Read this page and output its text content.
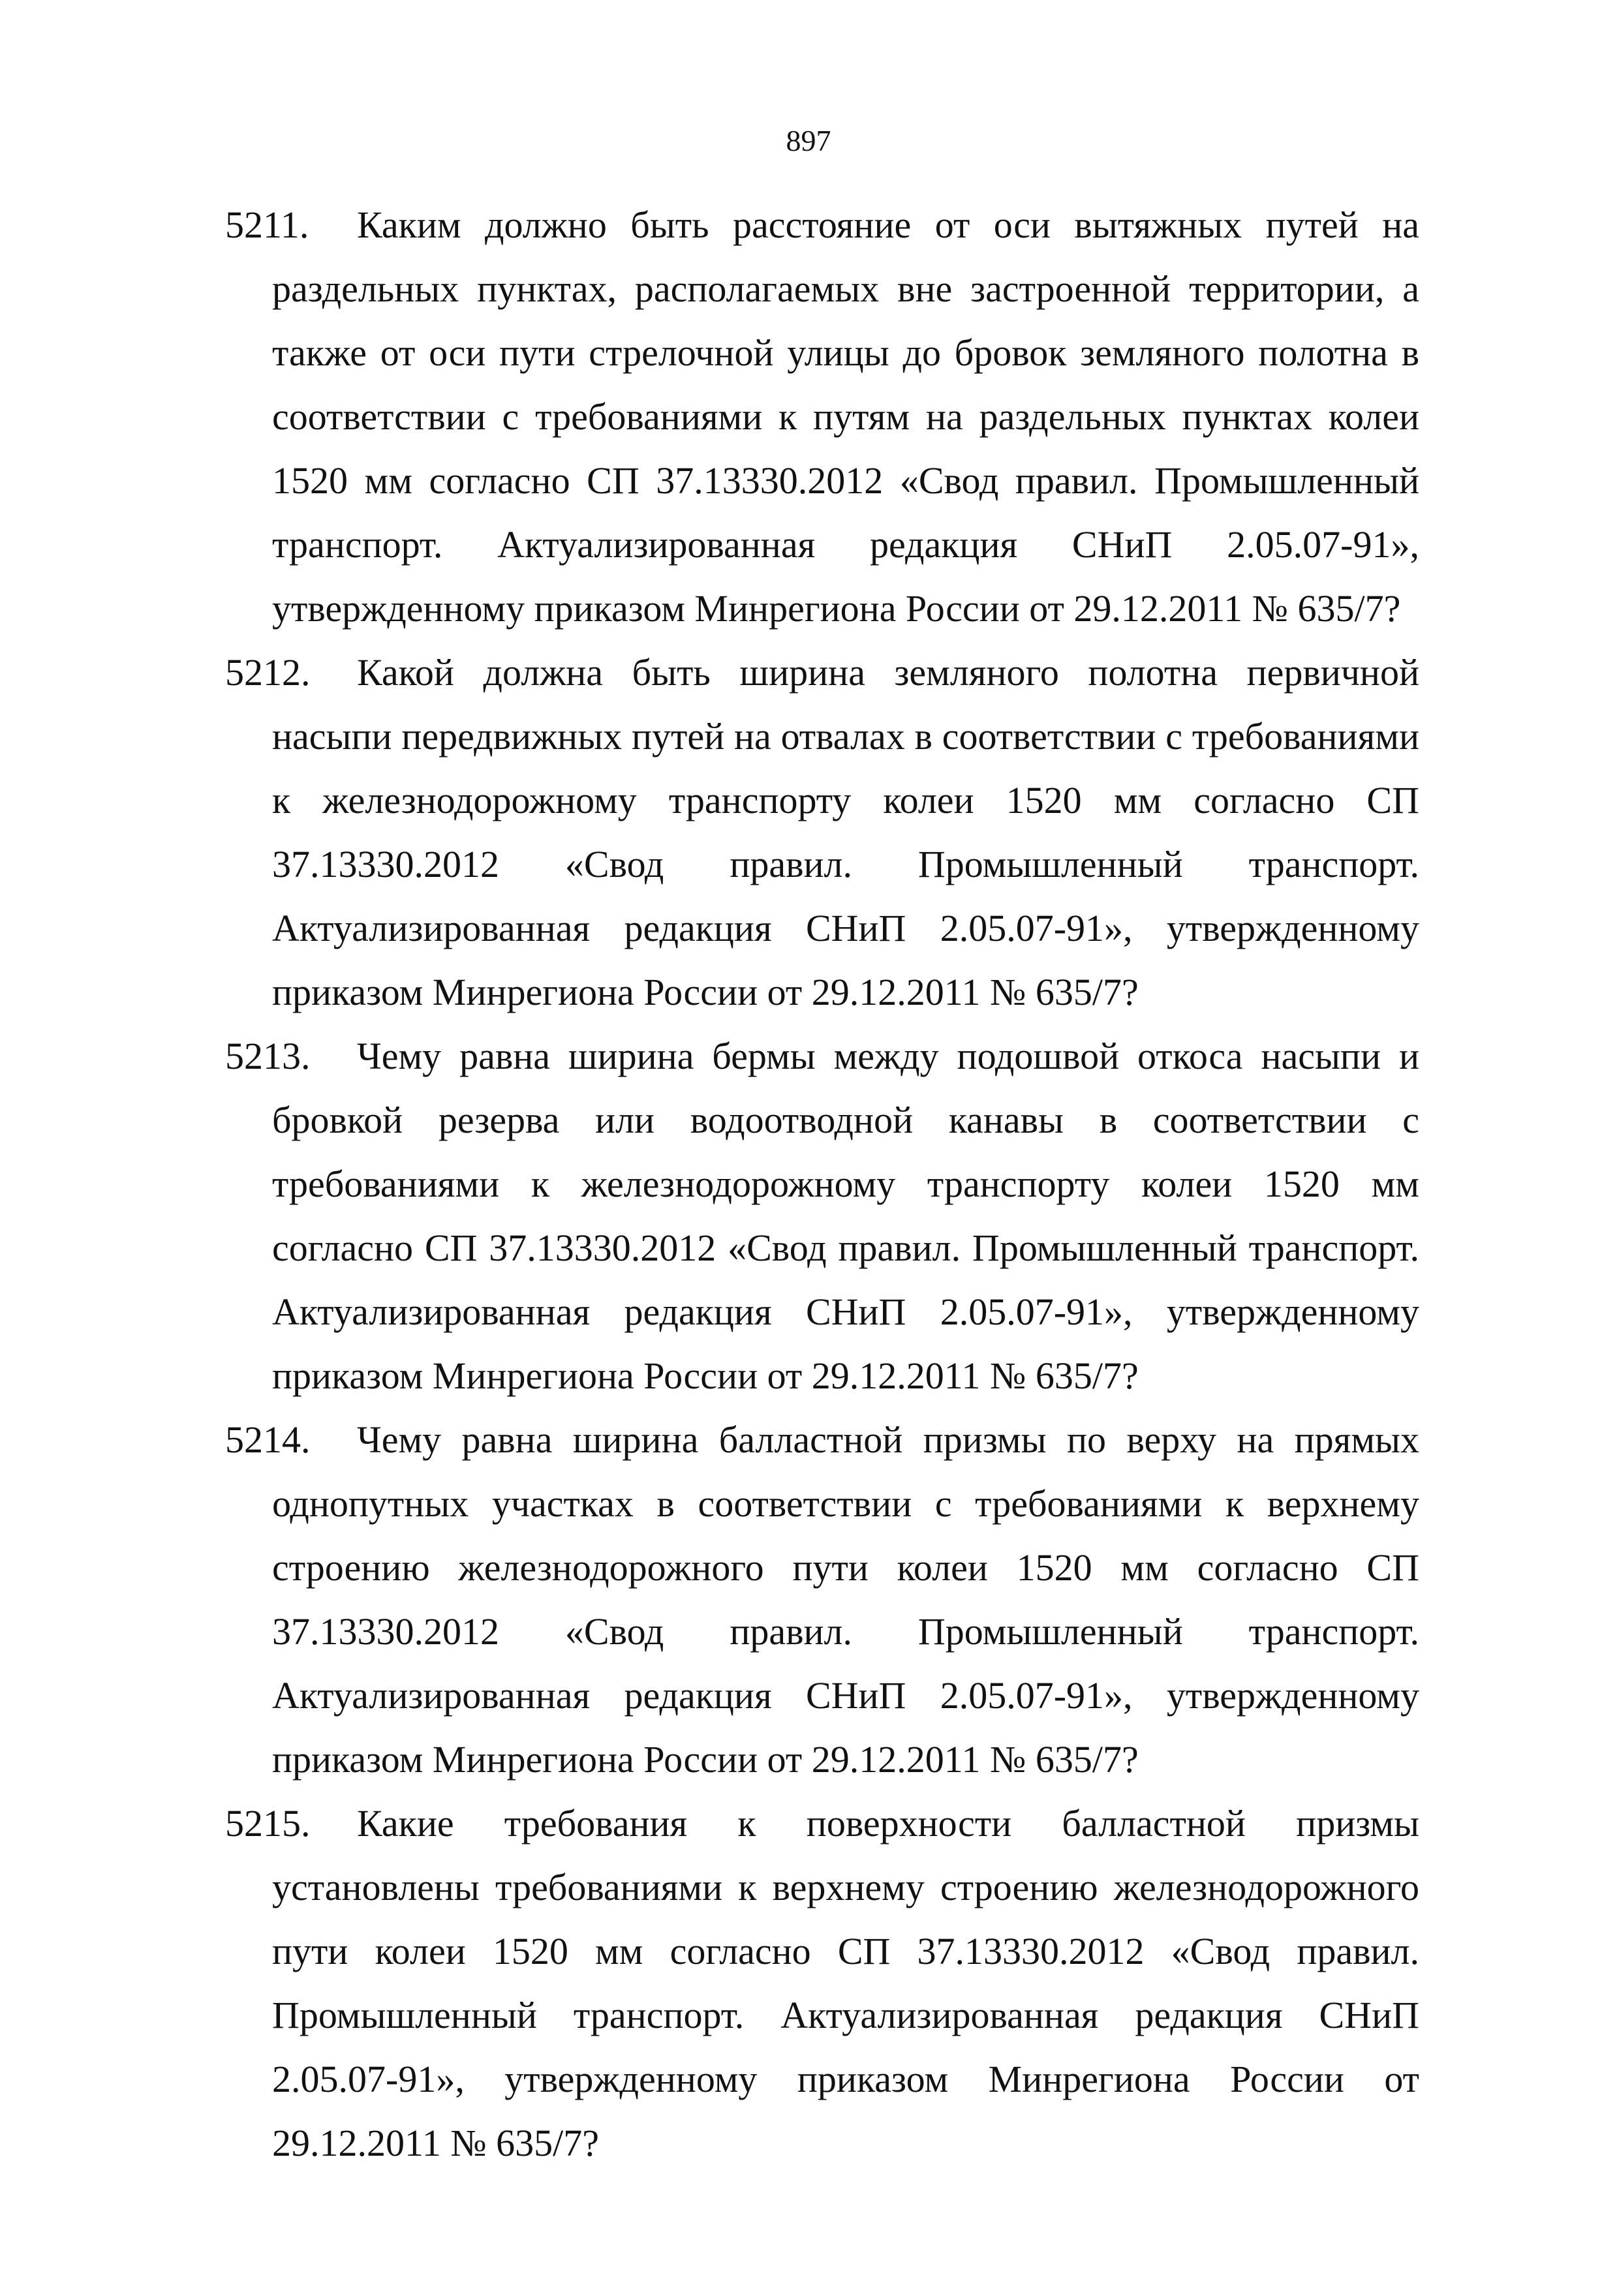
897
5211.	Каким должно быть расстояние от оси вытяжных путей на раздельных пунктах, располагаемых вне застроенной территории, а также от оси пути стрелочной улицы до бровок земляного полотна в соответствии с требованиями к путям на раздельных пунктах колеи 1520 мм согласно СП 37.13330.2012 «Свод правил. Промышленный транспорт. Актуализированная редакция СНиП 2.05.07-91», утвержденному приказом Минрегиона России от 29.12.2011 № 635/7?
5212.	Какой должна быть ширина земляного полотна первичной насыпи передвижных путей на отвалах в соответствии с требованиями к железнодорожному транспорту колеи 1520 мм согласно СП 37.13330.2012 «Свод правил. Промышленный транспорт. Актуализированная редакция СНиП 2.05.07-91», утвержденному приказом Минрегиона России от 29.12.2011 № 635/7?
5213.	Чему равна ширина бермы между подошвой откоса насыпи и бровкой резерва или водоотводной канавы в соответствии с требованиями к железнодорожному транспорту колеи 1520 мм согласно СП 37.13330.2012 «Свод правил. Промышленный транспорт. Актуализированная редакция СНиП 2.05.07-91», утвержденному приказом Минрегиона России от 29.12.2011 № 635/7?
5214.	Чему равна ширина балластной призмы по верху на прямых однопутных участках в соответствии с требованиями к верхнему строению железнодорожного пути колеи 1520 мм согласно СП 37.13330.2012 «Свод правил. Промышленный транспорт. Актуализированная редакция СНиП 2.05.07-91», утвержденному приказом Минрегиона России от 29.12.2011 № 635/7?
5215.	Какие требования к поверхности балластной призмы установлены требованиями к верхнему строению железнодорожного пути колеи 1520 мм согласно СП 37.13330.2012 «Свод правил. Промышленный транспорт. Актуализированная редакция СНиП 2.05.07-91», утвержденному приказом Минрегиона России от 29.12.2011 № 635/7?
